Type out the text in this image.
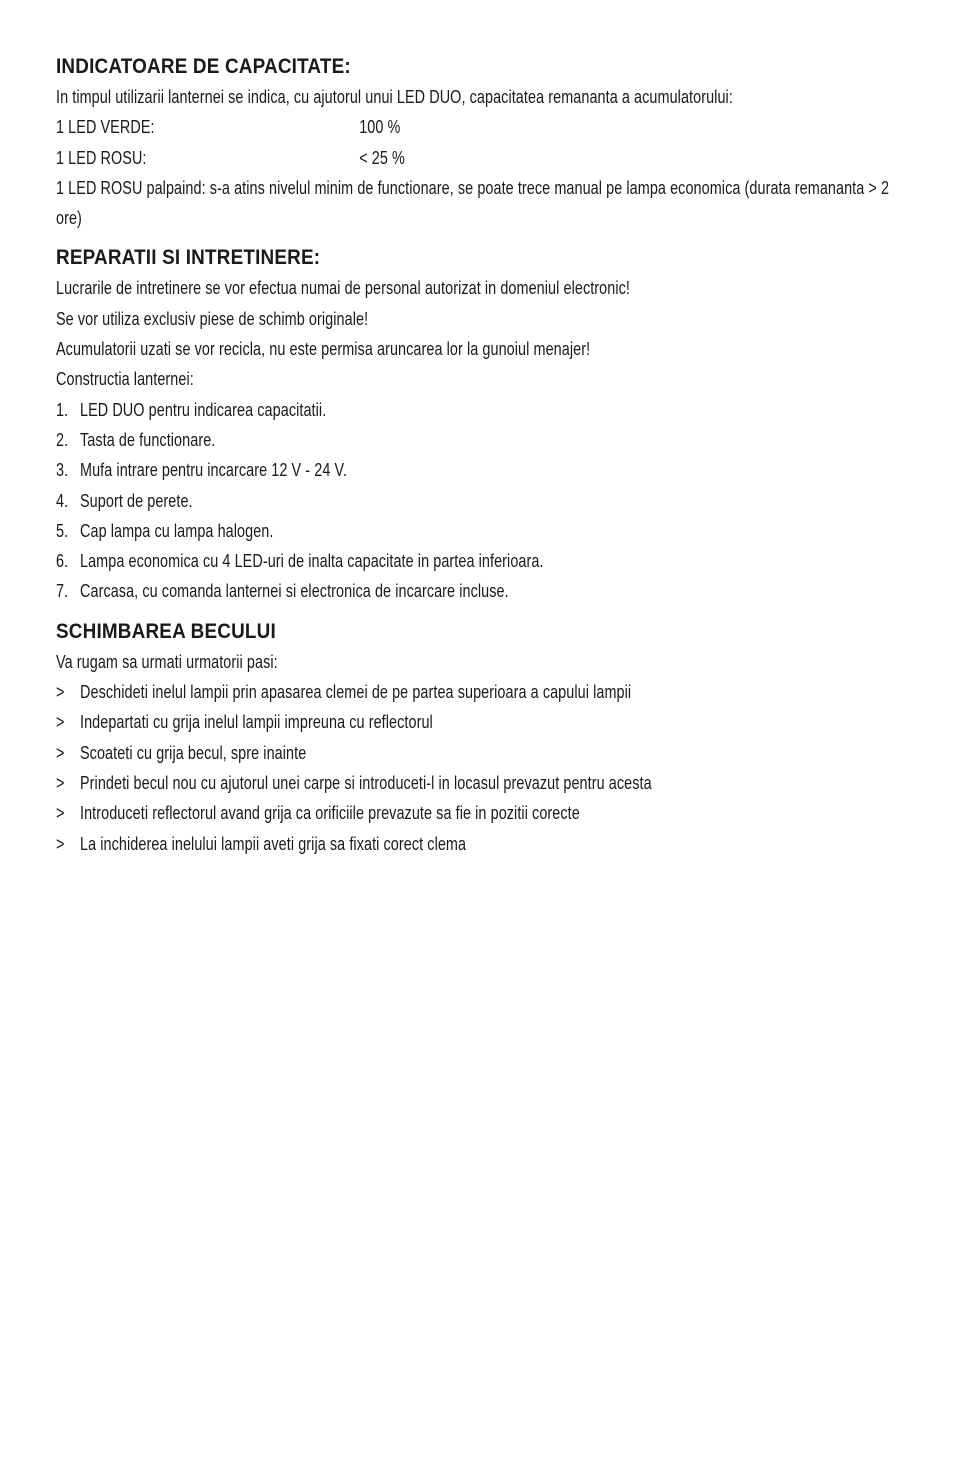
INDICATOARE DE CAPACITATE:
In timpul utilizarii lanternei se indica, cu ajutorul unui LED DUO, capacitatea remananta a acumulatorului:
1 LED VERDE:	100 %
1 LED ROSU:	< 25 %
1 LED ROSU palpaind: s-a atins nivelul minim de functionare, se poate trece manual pe lampa economica (durata remananta > 2 ore)
REPARATII SI INTRETINERE:
Lucrarile de intretinere se vor efectua numai de personal autorizat in domeniul electronic!
Se vor utiliza exclusiv piese de schimb originale!
Acumulatorii uzati se vor recicla, nu este permisa aruncarea lor la gunoiul menajer!
Constructia lanternei:
1. LED DUO pentru indicarea capacitatii.
2. Tasta de functionare.
3. Mufa intrare pentru incarcare 12 V - 24 V.
4. Suport de perete.
5. Cap lampa cu lampa halogen.
6. Lampa economica cu 4 LED-uri de inalta capacitate in partea inferioara.
7. Carcasa, cu comanda lanternei si electronica de incarcare incluse.
SCHIMBAREA BECULUI
Va rugam sa urmati urmatorii pasi:
> Deschideti inelul lampii prin apasarea clemei de pe partea superioara a capului lampii
> Indepartati cu grija inelul lampii impreuna cu reflectorul
> Scoateti cu grija becul, spre inainte
> Prindeti becul nou cu ajutorul unei carpe si introduceti-l in locasul prevazut pentru acesta
> Introduceti reflectorul avand grija ca orificiile prevazute sa fie in pozitii corecte
> La inchiderea inelului lampii aveti grija sa fixati corect clema
